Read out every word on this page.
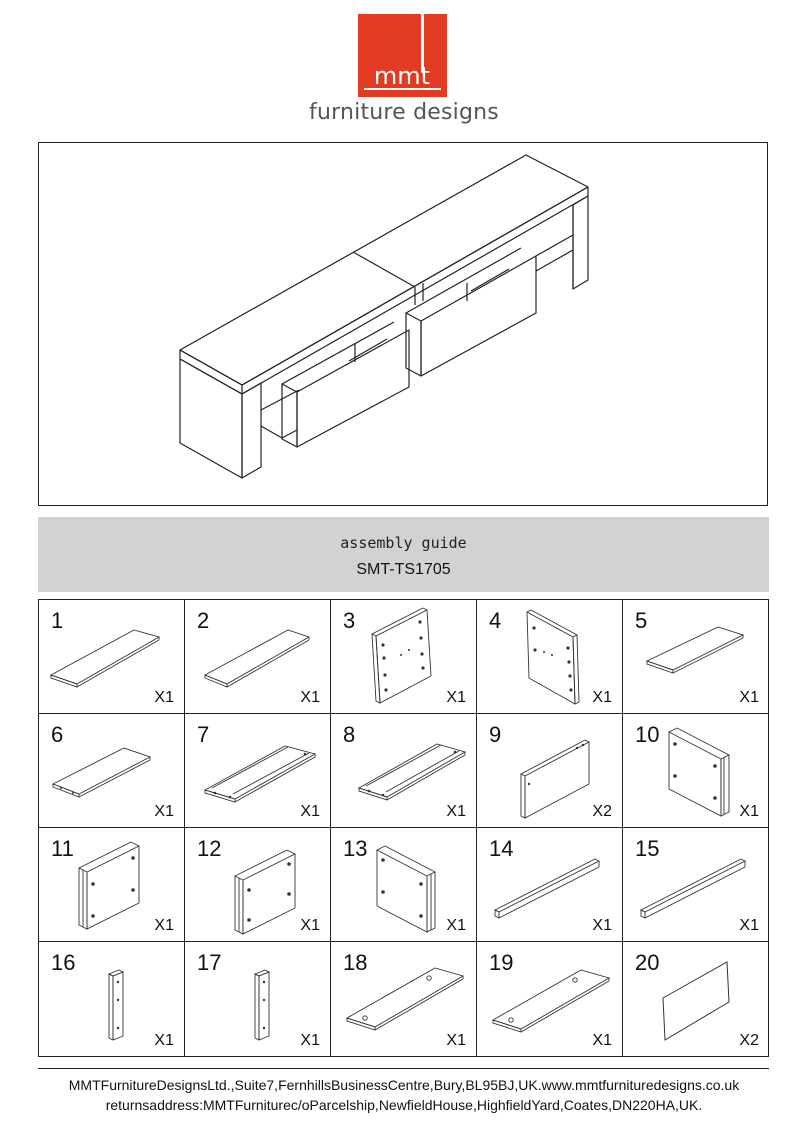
mmt
furniture designs
assembly guide
SMT-TS1705
1
X1
2
X1
3
X1
4
X1
5
X1
6
X1
7
X1
8
X1
9
X2
10
X1
11
X1
12
X1
13
X1
14
X1
15
X1
16
X1
17
X1
18
X1
19
X1
20
X2
MMTFurnitureDesignsLtd.,Suite7,FernhillsBusinessCentre,Bury,BL95BJ,UK.www.mmtfurnituredesigns.co.uk
returnsaddress:MMTFurniturec/oParcelship,NewfieldHouse,HighfieldYard,Coates,DN220HA,UK.
